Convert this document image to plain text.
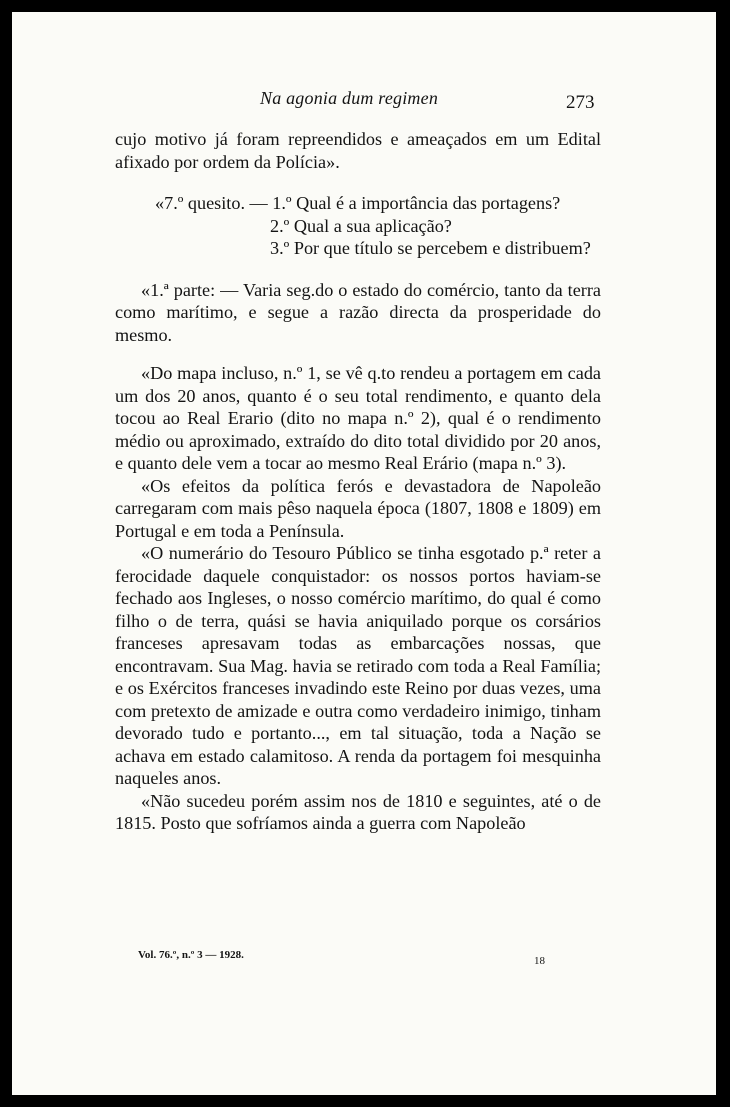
Na agonia dum regimen	273

cujo motivo já foram repreendidos e ameaçados em um Edital afixado por ordem da Polícia».

«7.º quesito. — 1.º Qual é a importância das portagens?

2.º Qual a sua aplicação?

3.º Por que título se percebem e distribuem?

«1.ª parte: — Varia seg.do o estado do comércio, tanto da terra como marítimo, e segue a razão directa da prosperidade do mesmo.

«Do mapa incluso, n.º 1, se vê q.to rendeu a portagem em cada um dos 20 anos, quanto é o seu total rendimento, e quanto dela tocou ao Real Erario (dito no mapa n.º 2), qual é o rendimento médio ou aproximado, extraído do dito total dividido por 20 anos, e quanto dele vem a tocar ao mesmo Real Erário (mapa n.º 3).

«Os efeitos da política ferós e devastadora de Napoleão carregaram com mais pêso naquela época (1807, 1808 e 1809) em Portugal e em toda a Península.

«O numerário do Tesouro Público se tinha esgotado p.ª reter a ferocidade daquele conquistador: os nossos portos haviam-se fechado aos Ingleses, o nosso comércio marítimo, do qual é como filho o de terra, quási se havia aniquilado porque os corsários franceses apresavam todas as embarcações nossas, que encontravam. Sua Mag. havia se retirado com toda a Real Família; e os Exércitos franceses invadindo este Reino por duas vezes, uma com pretexto de amizade e outra como verdadeiro inimigo, tinham devorado tudo e portanto..., em tal situação, toda a Nação se achava em estado calamitoso. A renda da portagem foi mesquinha naqueles anos.

«Não sucedeu porém assim nos de 1810 e seguintes, até o de 1815. Posto que sofríamos ainda a guerra com Napoleão

Vol. 76.º, n.º 3 — 1928.	18
